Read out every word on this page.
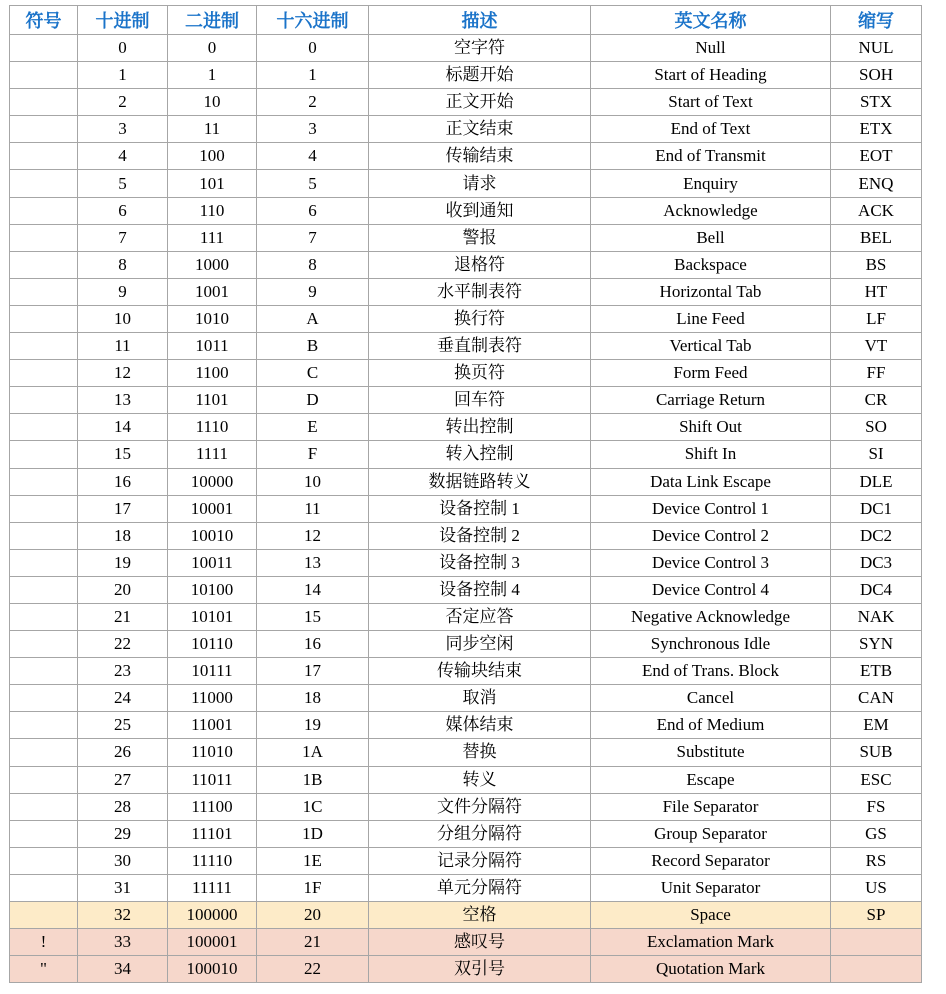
符号	十进制	二进制	十六进制	描述	英文名称	缩写
	0	0	0	空字符	Null	NUL
	1	1	1	标题开始	Start of Heading	SOH
	2	10	2	正文开始	Start of Text	STX
	3	11	3	正文结束	End of Text	ETX
	4	100	4	传输结束	End of Transmit	EOT
	5	101	5	请求	Enquiry	ENQ
	6	110	6	收到通知	Acknowledge	ACK
	7	111	7	警报	Bell	BEL
	8	1000	8	退格符	Backspace	BS
	9	1001	9	水平制表符	Horizontal Tab	HT
	10	1010	A	换行符	Line Feed	LF
	11	1011	B	垂直制表符	Vertical Tab	VT
	12	1100	C	换页符	Form Feed	FF
	13	1101	D	回车符	Carriage Return	CR
	14	1110	E	转出控制	Shift Out	SO
	15	1111	F	转入控制	Shift In	SI
	16	10000	10	数据链路转义	Data Link Escape	DLE
	17	10001	11	设备控制 1	Device Control 1	DC1
	18	10010	12	设备控制 2	Device Control 2	DC2
	19	10011	13	设备控制 3	Device Control 3	DC3
	20	10100	14	设备控制 4	Device Control 4	DC4
	21	10101	15	否定应答	Negative Acknowledge	NAK
	22	10110	16	同步空闲	Synchronous Idle	SYN
	23	10111	17	传输块结束	End of Trans. Block	ETB
	24	11000	18	取消	Cancel	CAN
	25	11001	19	媒体结束	End of Medium	EM
	26	11010	1A	替换	Substitute	SUB
	27	11011	1B	转义	Escape	ESC
	28	11100	1C	文件分隔符	File Separator	FS
	29	11101	1D	分组分隔符	Group Separator	GS
	30	11110	1E	记录分隔符	Record Separator	RS
	31	11111	1F	单元分隔符	Unit Separator	US
	32	100000	20	空格	Space	SP
!	33	100001	21	感叹号	Exclamation Mark	
"	34	100010	22	双引号	Quotation Mark	
